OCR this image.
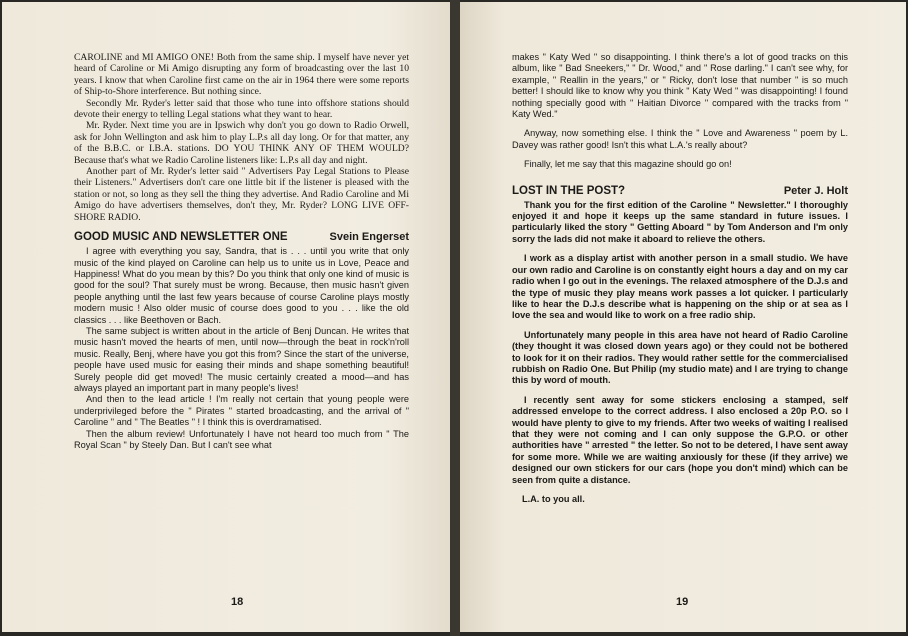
CAROLINE and MI AMIGO ONE! Both from the same ship. I myself have never yet heard of Caroline or Mi Amigo disrupting any form of broadcasting over the last 10 years. I know that when Caroline first came on the air in 1964 there were some reports of Ship-to-Shore interference. But nothing since.

Secondly Mr. Ryder's letter said that those who tune into offshore stations should devote their energy to telling Legal stations what they want to hear.

Mr. Ryder. Next time you are in Ipswich why don't you go down to Radio Orwell, ask for John Wellington and ask him to play L.P.s all day long. Or for that matter, any of the B.B.C. or I.B.A. stations. DO YOU THINK ANY OF THEM WOULD? Because that's what we Radio Caroline listeners like: L.P.s all day and night.

Another part of Mr. Ryder's letter said " Advertisers Pay Legal Stations to Please their Listeners." Advertisers don't care one little bit if the listener is pleased with the station or not, so long as they sell the thing they advertise. And Radio Caroline and Mi Amigo do have advertisers themselves, don't they, Mr. Ryder? LONG LIVE OFF-SHORE RADIO.

GOOD MUSIC AND NEWSLETTER ONE	Svein Engerset

I agree with everything you say, Sandra, that is . . . until you write that only music of the kind played on Caroline can help us to unite us in Love, Peace and Happiness! What do you mean by this? Do you think that only one kind of music is good for the soul? That surely must be wrong. Because, then music hasn't given people anything until the last few years because of course Caroline plays mostly modern music ! Also older music of course does good to you . . . like the old classics . . . like Beethoven or Bach.

The same subject is written about in the article of Benj Duncan. He writes that music hasn't moved the hearts of men, until now—through the beat in rock'n'roll music. Really, Benj, where have you got this from? Since the start of the universe, people have used music for easing their minds and shape something beautiful! Surely people did get moved! The music certainly created a mood—and has always played an important part in many people's lives!

And then to the lead article ! I'm really not certain that young people were underprivileged before the " Pirates " started broadcasting, and the arrival of " Caroline " and " The Beatles " ! I think this is overdramatised.

Then the album review! Unfortunately I have not heard too much from " The Royal Scan " by Steely Dan. But I can't see what

18

makes " Katy Wed " so disappointing. I think there's a lot of good tracks on this album, like " Bad Sneekers," " Dr. Wood," and " Rose darling." I can't see why, for example, " Reallin in the years," or " Ricky, don't lose that number " is so much better! I should like to know why you think " Katy Wed " was disappointing! I found nothing specially good with " Haitian Divorce " compared with the tracks from " Katy Wed."

Anyway, now something else. I think the " Love and Awareness " poem by L. Davey was rather good! Isn't this what L.A.'s really about?

Finally, let me say that this magazine should go on!

LOST IN THE POST?	Peter J. Holt

Thank you for the first edition of the Caroline " Newsletter." I thoroughly enjoyed it and hope it keeps up the same standard in future issues. I particularly liked the story " Getting Aboard " by Tom Anderson and I'm only sorry the lads did not make it aboard to relieve the others.

I work as a display artist with another person in a small studio. We have our own radio and Caroline is on constantly eight hours a day and on my car radio when I go out in the evenings. The relaxed atmosphere of the D.J.s and the type of music they play means work passes a lot quicker. I particularly like to hear the D.J.s describe what is happening on the ship or at sea as I love the sea and would like to work on a free radio ship.

Unfortunately many people in this area have not heard of Radio Caroline (they thought it was closed down years ago) or they could not be bothered to look for it on their radios. They would rather settle for the commercialised rubbish on Radio One. But Philip (my studio mate) and I are trying to change this by word of mouth.

I recently sent away for some stickers enclosing a stamped, self addressed envelope to the correct address. I also enclosed a 20p P.O. so I would have plenty to give to my friends. After two weeks of waiting I realised that they were not coming and I can only suppose the G.P.O. or other authorities have " arrested " the letter. So not to be detered, I have sent away for some more. While we are waiting anxiously for these (if they arrive) we designed our own stickers for our cars (hope you don't mind) which can be seen from quite a distance.

L.A. to you all.

19
